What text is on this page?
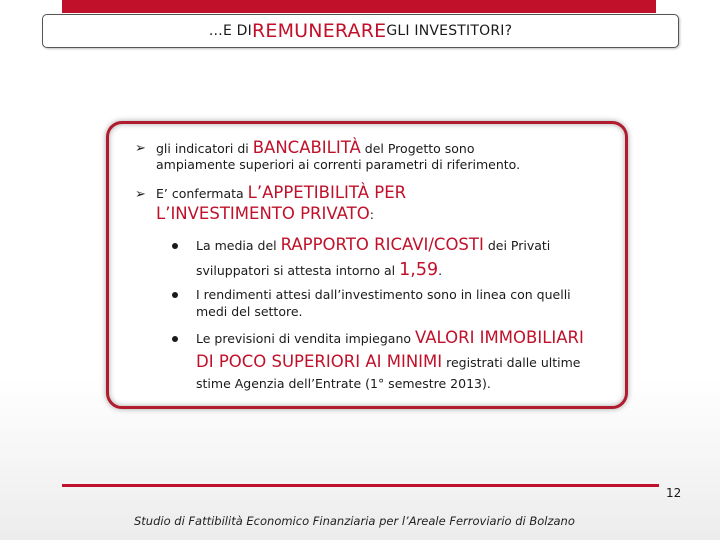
…E DI REMUNERARE GLI INVESTITORI?
➢ gli indicatori di BANCABILITÀ del Progetto sono
ampiamente superiori ai correnti parametri di riferimento.
➢ E’ confermata L’APPETIBILITÀ PER
L’INVESTIMENTO PRIVATO:
La media del RAPPORTO RICAVI/COSTI dei Privati
sviluppatori si attesta intorno al 1,59.
I rendimenti attesi dall’investimento sono in linea con quelli
medi del settore.
Le previsioni di vendita impiegano VALORI IMMOBILIARI
DI POCO SUPERIORI AI MINIMI registrati dalle ultime
stime Agenzia dell’Entrate (1° semestre 2013).
12
Studio di Fattibilità Economico Finanziaria per l’Areale Ferroviario di Bolzano
